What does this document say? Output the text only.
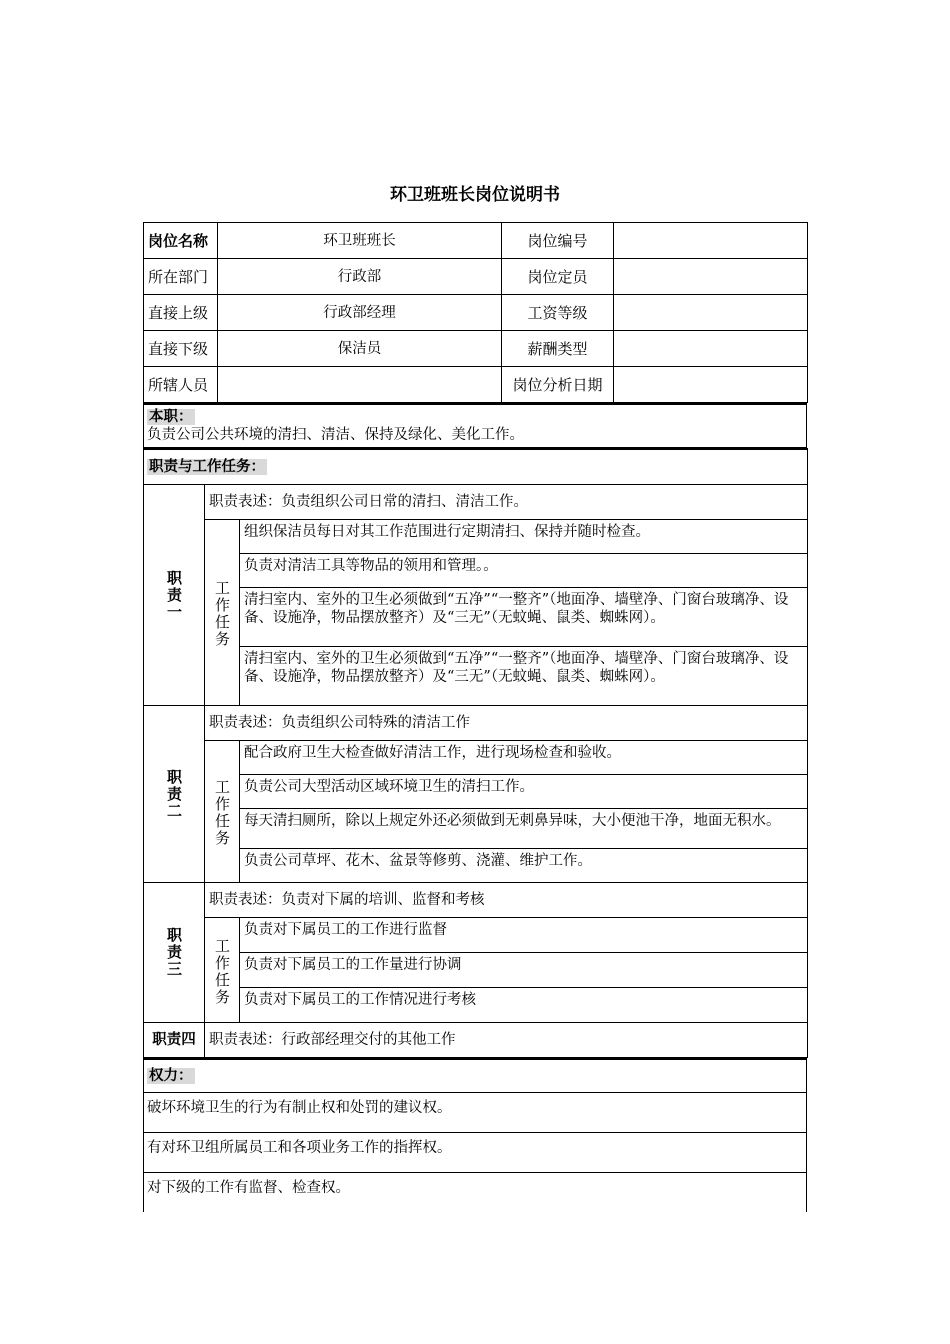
环卫班班长岗位说明书
岗位名称	环卫班班长	岗位编号	
所在部门	行政部	岗位定员	
直接上级	行政部经理	工资等级	
直接下级	保洁员	薪酬类型	
所辖人员		岗位分析日期	
本职：
负责公司公共环境的清扫、清洁、保持及绿化、美化工作。
职责与工作任务：		

职责一	职责表述：负责组织公司日常的清扫、清洁工作。	

	工作任务	组织保洁员每日对其工作范围进行定期清扫、保持并随时检查。
		负责对清洁工具等物品的领用和管理。。
		清扫室内、室外的卫生必须做到“五净”“一整齐”（地面净、墙壁净、门窗台玻璃净、设备、设施净，物品摆放整齐）及“三无”（无蚊蝇、鼠类、蜘蛛网）。
		清扫室内、室外的卫生必须做到“五净”“一整齐”（地面净、墙壁净、门窗台玻璃净、设备、设施净，物品摆放整齐）及“三无”（无蚊蝇、鼠类、蜘蛛网）。

职责二	职责表述：负责组织公司特殊的清洁工作	

	工作任务	配合政府卫生大检查做好清洁工作，进行现场检查和验收。
		负责公司大型活动区域环境卫生的清扫工作。
		每天清扫厕所，除以上规定外还必须做到无刺鼻异味，大小便池干净，地面无积水。
		负责公司草坪、花木、盆景等修剪、浇灌、维护工作。

职责三	职责表述：负责对下属的培训、监督和考核	

	工作任务	负责对下属员工的工作进行监督
		负责对下属员工的工作量进行协调
		负责对下属员工的工作情况进行考核
职责四	职责表述：行政部经理交付的其他工作	
权力：
破坏环境卫生的行为有制止权和处罚的建议权。
有对环卫组所属员工和各项业务工作的指挥权。
对下级的工作有监督、检查权。
